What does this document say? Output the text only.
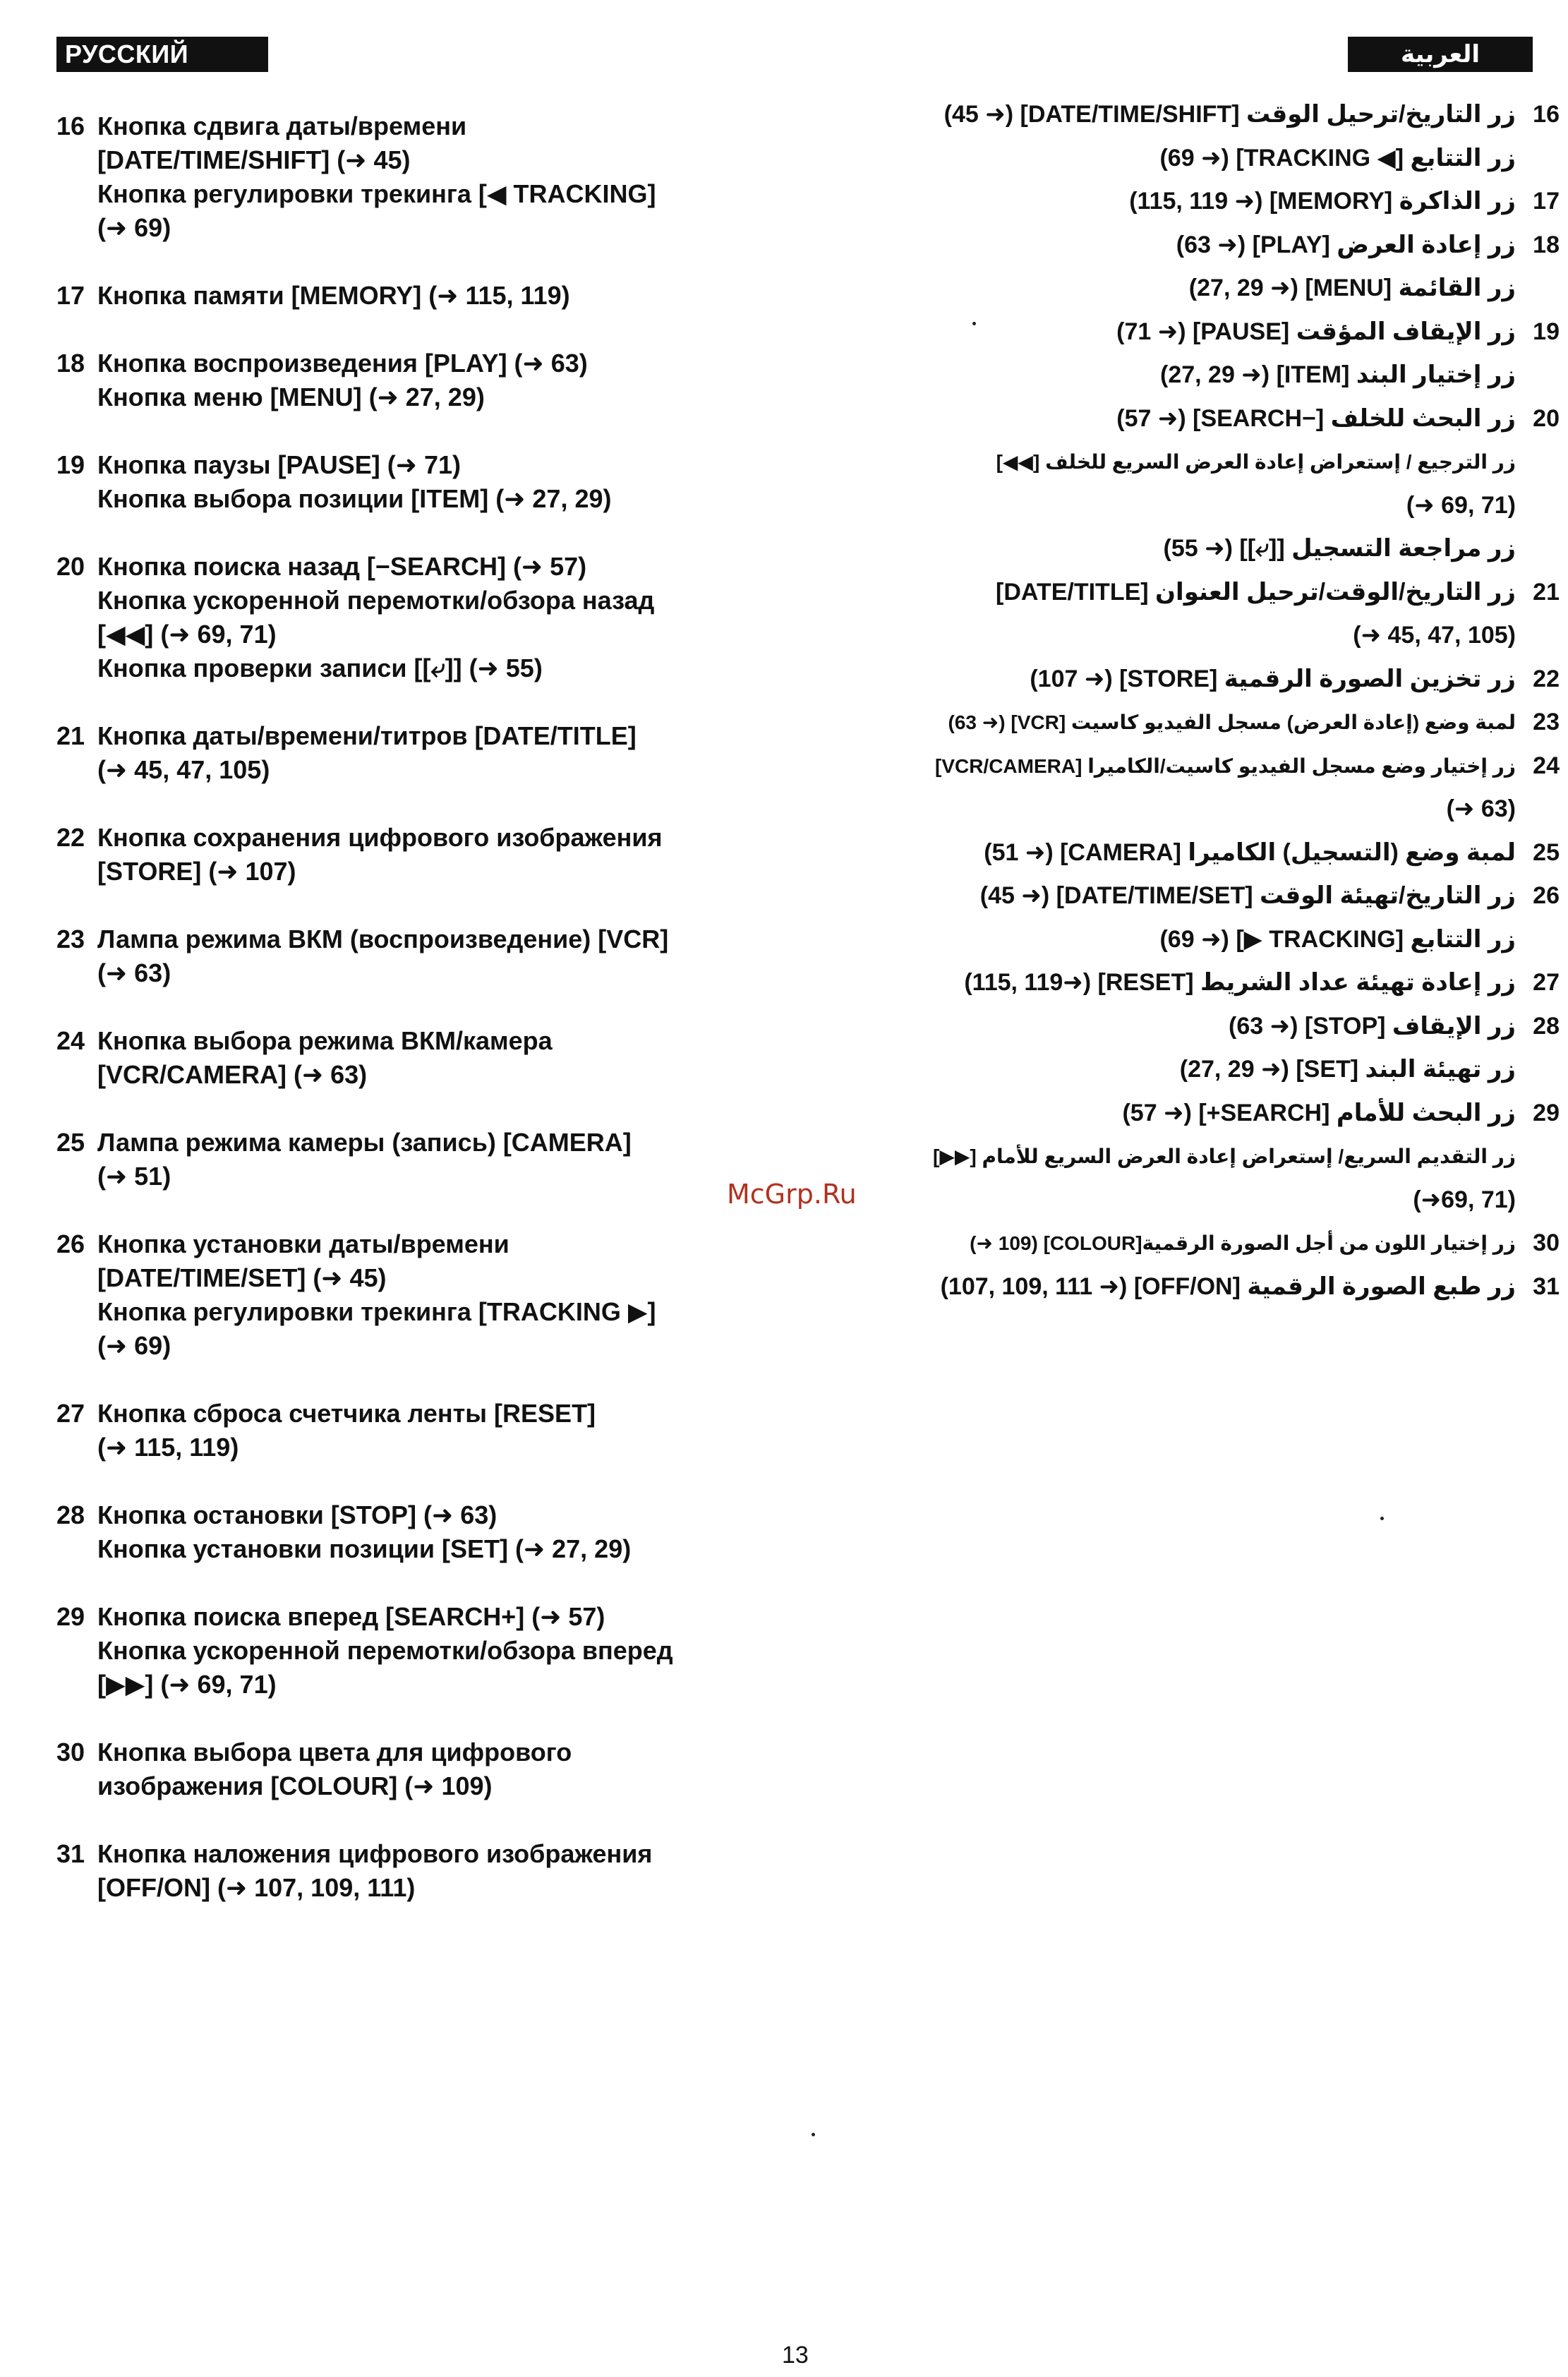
РУССКИЙ ЯЗЫК
العربية
16 Кнопка сдвига даты/времени
[DATE/TIME/SHIFT] (➜ 45)
Кнопка регулировки трекинга [◀ TRACKING]
(➜ 69)
17 Кнопка памяти [MEMORY] (➜ 115, 119)
18 Кнопка воспроизведения [PLAY] (➜ 63)
Кнопка меню [MENU] (➜ 27, 29)
19 Кнопка паузы [PAUSE] (➜ 71)
Кнопка выбора позиции [ITEM] (➜ 27, 29)
20 Кнопка поиска назад [−SEARCH] (➜ 57)
Кнопка ускоренной перемотки/обзора назад
[◀◀] (➜ 69, 71)
Кнопка проверки записи [[⤶]] (➜ 55)
21 Кнопка даты/времени/титров [DATE/TITLE]
(➜ 45, 47, 105)
22 Кнопка сохранения цифрового изображения
[STORE] (➜ 107)
23 Лампа режима ВКМ (воспроизведение) [VCR]
(➜ 63)
24 Кнопка выбора режима ВКМ/камера
[VCR/CAMERA] (➜ 63)
25 Лампа режима камеры (запись) [CAMERA]
(➜ 51)
26 Кнопка установки даты/времени
[DATE/TIME/SET] (➜ 45)
Кнопка регулировки трекинга [TRACKING ▶]
(➜ 69)
27 Кнопка сброса счетчика ленты [RESET]
(➜ 115, 119)
28 Кнопка остановки [STOP] (➜ 63)
Кнопка установки позиции [SET] (➜ 27, 29)
29 Кнопка поиска вперед [SEARCH+] (➜ 57)
Кнопка ускоренной перемотки/обзора вперед
[▶▶] (➜ 69, 71)
30 Кнопка выбора цвета для цифрового
изображения [COLOUR] (➜ 109)
31 Кнопка наложения цифрового изображения
[OFF/ON] (➜ 107, 109, 111)
زر التاريخ/ترحيل الوقت [DATE/TIME/SHIFT] (➜ 45)
زر التتابع [◀ TRACKING] (➜ 69)
16
زر الذاكرة [MEMORY] (➜ 115, 119) 17
زر إعادة العرض [PLAY] (➜ 63)
زر القائمة [MENU] (➜ 27, 29)
18
زر الإيقاف المؤقت [PAUSE] (➜ 71)
زر إختيار البند [ITEM] (➜ 27, 29)
19
زر البحث للخلف [−SEARCH] (➜ 57)
زر الترجيع / إستعراض إعادة العرض السريع للخلف [◀◀]
(➜ 69, 71)
زر مراجعة التسجيل [[⤶]] (➜ 55)
20
زر التاريخ/الوقت/ترحيل العنوان [DATE/TITLE]
(➜ 45, 47, 105)
21
زر تخزين الصورة الرقمية [STORE] (➜ 107) 22
لمبة وضع (إعادة العرض) مسجل الفيديو كاسيت [VCR] (➜ 63) 23
زر إختيار وضع مسجل الفيديو كاسيت/الكاميرا [VCR/CAMERA]
(➜ 63)
24
لمبة وضع (التسجيل) الكاميرا [CAMERA] (➜ 51) 25
زر التاريخ/تهيئة الوقت [DATE/TIME/SET] (➜ 45)
زر التتابع [TRACKING ▶] (➜ 69)
26
زر إعادة تهيئة عداد الشريط [RESET] (➜115, 119) 27
زر الإيقاف [STOP] (➜ 63)
زر تهيئة البند [SET] (➜ 27, 29)
28
زر البحث للأمام [SEARCH+] (➜ 57)
زر التقديم السريع/ إستعراض إعادة العرض السريع للأمام [▶▶]
(➜69, 71)
29
زر إختيار اللون من أجل الصورة الرقمية[COLOUR] (109 ➜) 30
زر طبع الصورة الرقمية [OFF/ON] (➜ 107, 109, 111) 31
McGrp.Ru
13
